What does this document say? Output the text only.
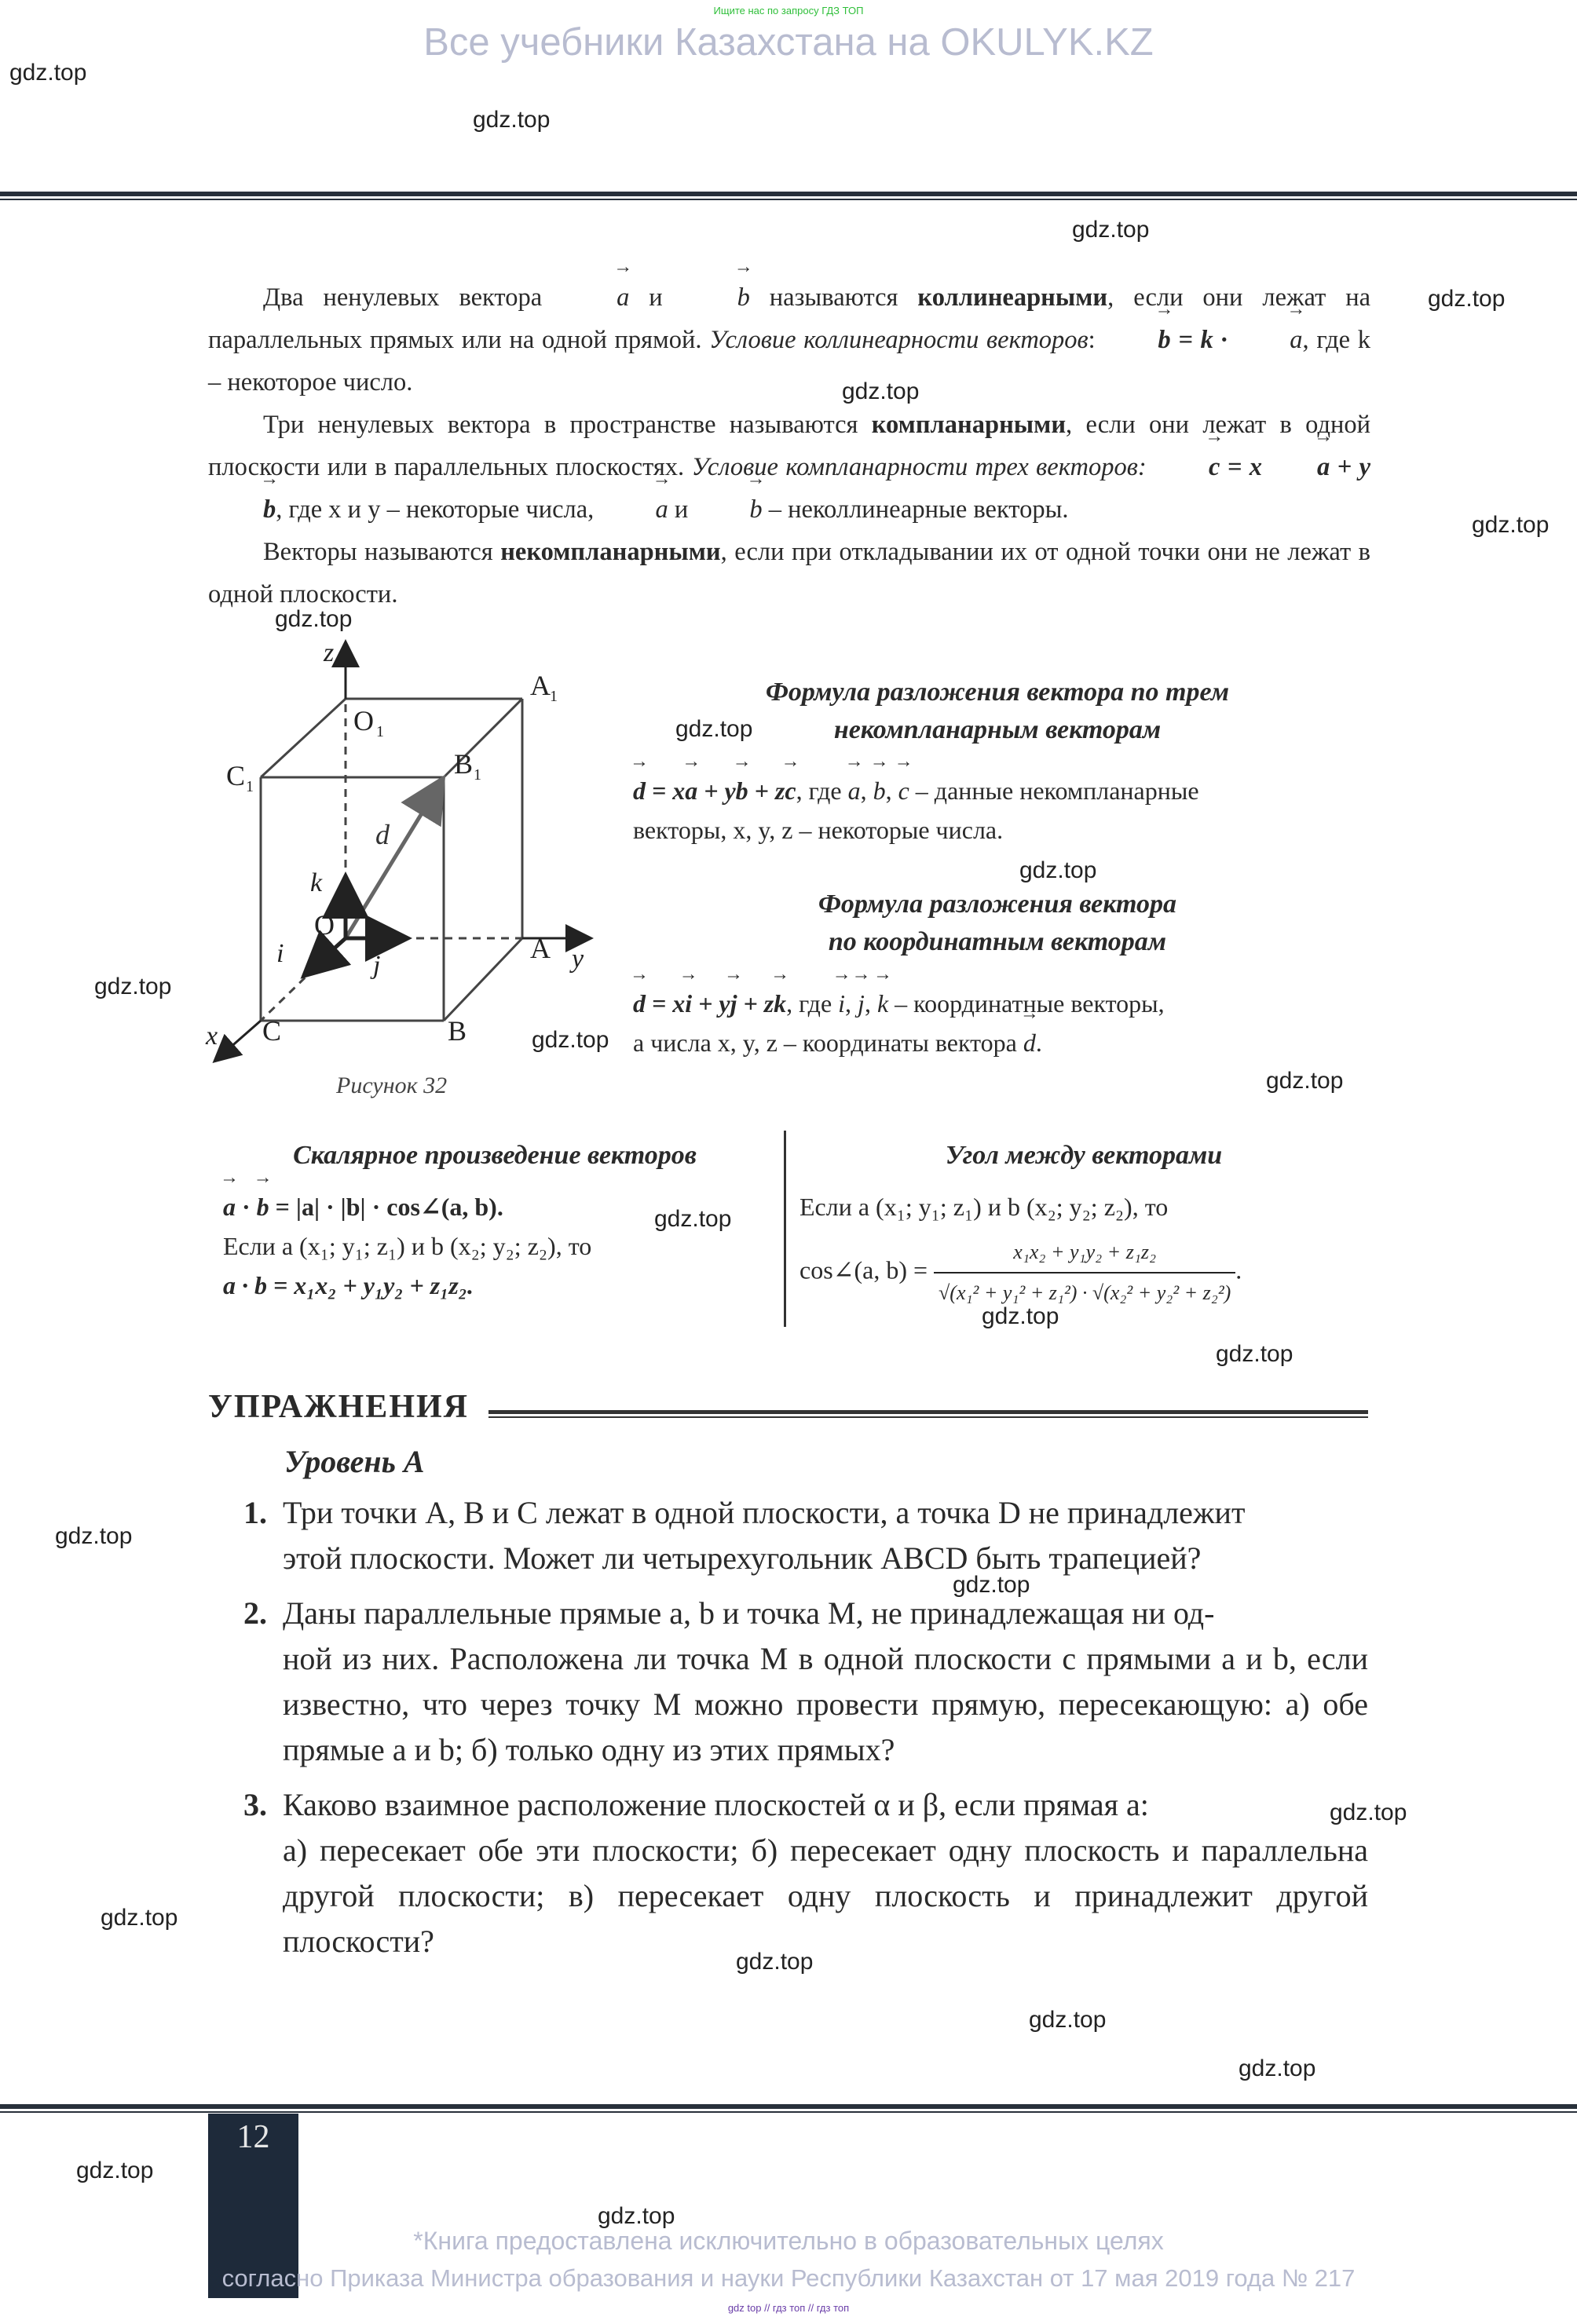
Ищите нас по запросу ГДЗ ТОП
Все учебники Казахстана на OKULYK.KZ

Два ненулевых вектора	→ a и	→ b называются коллинеарными, если они лежат на параллельных прямых или на одной прямой. Условие коллинеарности векторов: → b = k · → a, где k – некоторое число.

Три ненулевых вектора в пространстве называются компланарными, если они лежат в одной плоскости или в параллельных плоскостях. Условие компланарности трех векторов: → c = x → a + y→ b, где x и y – некоторые числа, → a и → b – неколлинеарные векторы.

Векторы называются некомпланарными, если при откладывании их от одной точки они не лежат в одной плоскости.

z
y
x
O
O 1
A
A 1
B
B 1
C
C 1
d
k
j
i
Рисунок 32
Формула разложения вектора по трем
некомпланарным векторам
→ d = x→ a + y→ b + z→ c, где → a, → b, → c – данные некомпланарные
векторы, x, y, z – некоторые числа.
Формула разложения вектора
по координатным векторам
→ d = x→ i + y→ j + z→ k, где → i, → j, → k – координатные векторы,
а числа x, y, z – координаты вектора → d.
Скалярное произведение векторов
→ a · → b = |a| · |b| · cos∠(a, b).
Если a (x₁; y₁; z₁) и b (x₂; y₂; z₂), то
a · b = x₁x₂ + y₁y₂ + z₁z₂.
Угол между векторами
Если a (x₁; y₁; z₁) и b (x₂; y₂; z₂), то
cos∠(a, $b) = \frac{\text{x₁x₂ + y₁y₂ + z₁z₂}}{\text{√(x₁² + y₁² + z₁²) · √(x₂² + y₂² + z₂²)}}$ .
УПРАЖНЕНИЯ
Уровень А
1. Три точки A, B и C лежат в одной плоскости, а точка D не принадлежит
этой плоскости. Может ли четырехугольник ABCD быть трапецией?
2. Даны параллельные прямые a, b и точка M, не принадлежащая ни од-
ной из них. Расположена ли точка M в одной плоскости с прямыми a и b, если известно, что через точку M можно провести прямую, пересекающую: а) обе прямые a и b; б) только одну из этих прямых?
3. Каково взаимное расположение плоскостей α и β, если прямая a:
а) пересекает обе эти плоскости; б) пересекает одну плоскость и параллельна другой плоскости; в) пересекает одну плоскость и принадлежит другой плоскости?
12
*Книга предоставлена исключительно в образовательных целях
согласно Приказа Министра образования и науки Республики Казахстан от 17 мая 2019 года № 217
gdz top // гдз топ // гдз топ
gdz.top
gdz.top
gdz.top
gdz.top
gdz.top
gdz.top
gdz.top
gdz.top
gdz.top
gdz.top
gdz.top
gdz.top
gdz.top
gdz.top
gdz.top
gdz.top
gdz.top
gdz.top
gdz.top
gdz.top
gdz.top
gdz.top
gdz.top
gdz.top
